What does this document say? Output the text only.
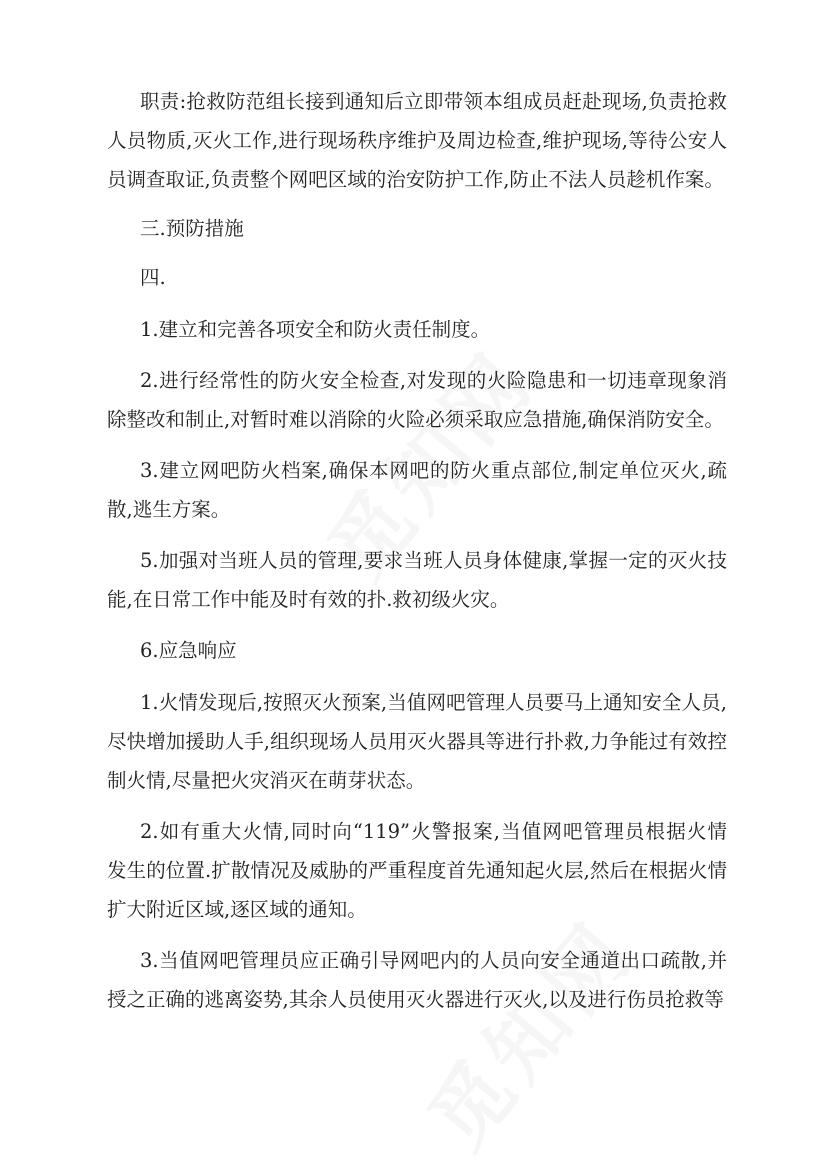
职责:抢救防范组长接到通知后立即带领本组成员赶赴现场,负责抢救
人员物质,灭火工作,进行现场秩序维护及周边检查,维护现场,等待公安人
员调查取证,负责整个网吧区域的治安防护工作,防止不法人员趁机作案。
三.预防措施
四.
1.建立和完善各项安全和防火责任制度。
2.进行经常性的防火安全检查,对发现的火险隐患和一切违章现象消
除整改和制止,对暂时难以消除的火险必须采取应急措施,确保消防安全。
3.建立网吧防火档案,确保本网吧的防火重点部位,制定单位灭火,疏
散,逃生方案。
5.加强对当班人员的管理,要求当班人员身体健康,掌握一定的灭火技
能,在日常工作中能及时有效的扑.救初级火灾。
6.应急响应
1.火情发现后,按照灭火预案,当值网吧管理人员要马上通知安全人员,
尽快增加援助人手,组织现场人员用灭火器具等进行扑救,力争能过有效控
制火情,尽量把火灾消灭在萌芽状态。
2.如有重大火情,同时向“119”火警报案,当值网吧管理员根据火情
发生的位置.扩散情况及威胁的严重程度首先通知起火层,然后在根据火情
扩大附近区域,逐区域的通知。
3.当值网吧管理员应正确引导网吧内的人员向安全通道出口疏散,并
授之正确的逃离姿势,其余人员使用灭火器进行灭火,以及进行伤员抢救等
